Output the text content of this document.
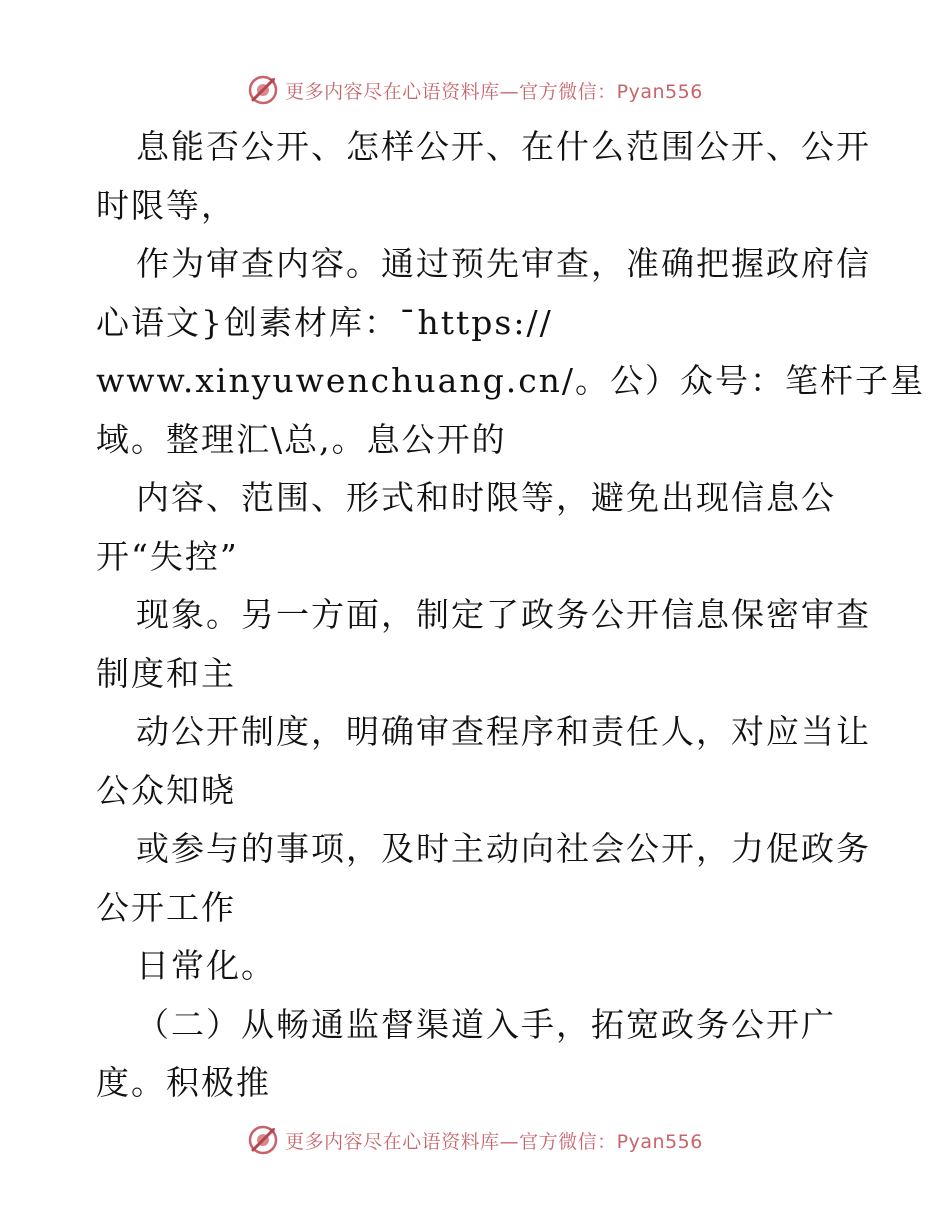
更多内容尽在心语资料库—官方微信：Pyan556
息能否公开、怎样公开、在什么范围公开、公开
时限等，
作为审查内容。通过预先审查，准确把握政府信
心语文}创素材库：¯https://
www.xinyuwenchuang.cn/。公）众号：笔杆子星
域。整理汇\总,。息公开的
内容、范围、形式和时限等，避免出现信息公
开“失控”
现象。另一方面，制定了政务公开信息保密审查
制度和主
动公开制度，明确审查程序和责任人，对应当让
公众知晓
或参与的事项，及时主动向社会公开，力促政务
公开工作
日常化。
（二）从畅通监督渠道入手，拓宽政务公开广
度。积极推
更多内容尽在心语资料库—官方微信：Pyan556
